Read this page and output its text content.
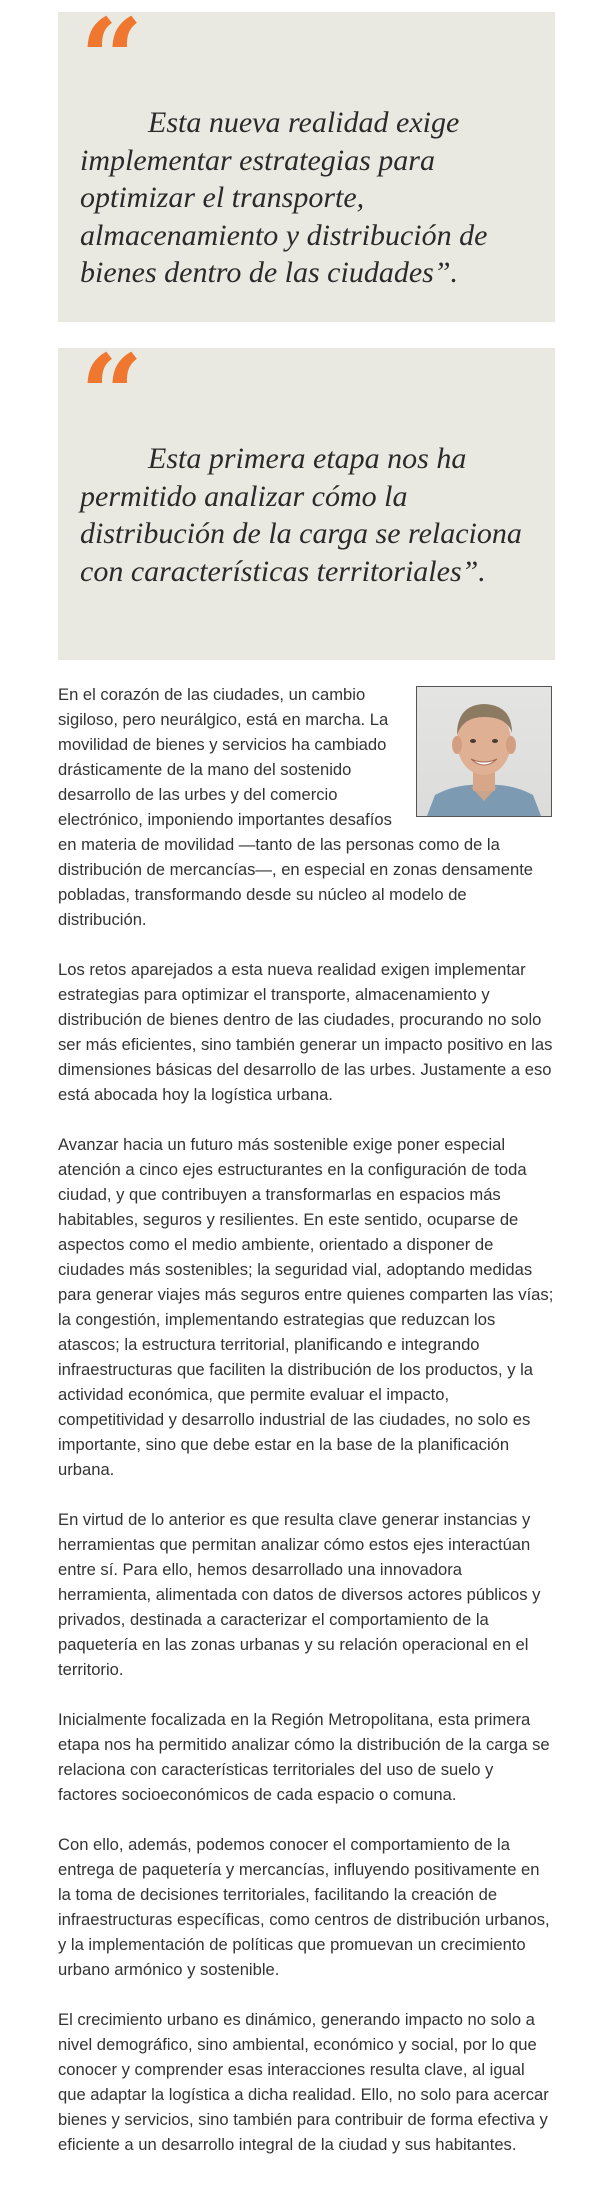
“ Esta nueva realidad exige implementar estrategias para optimizar el transporte, almacenamiento y distribución de bienes dentro de las ciudades”.

“ Esta primera etapa nos ha permitido analizar cómo la distribución de la carga se relaciona con características territoriales”.

En el corazón de las ciudades, un cambio sigiloso, pero neurálgico, está en marcha. La movilidad de bienes y servicios ha cambiado drásticamente de la mano del sostenido desarrollo de las urbes y del comercio electrónico, imponiendo importantes desafíos en materia de movilidad —tanto de las personas como de la distribución de mercancías—, en especial en zonas densamente pobladas, transformando desde su núcleo al modelo de distribución.

Los retos aparejados a esta nueva realidad exigen implementar estrategias para optimizar el transporte, almacenamiento y distribución de bienes dentro de las ciudades, procurando no solo ser más eficientes, sino también generar un impacto positivo en las dimensiones básicas del desarrollo de las urbes. Justamente a eso está abocada hoy la logística urbana.

Avanzar hacia un futuro más sostenible exige poner especial atención a cinco ejes estructurantes en la configuración de toda ciudad, y que contribuyen a transformarlas en espacios más habitables, seguros y resilientes. En este sentido, ocuparse de aspectos como el medio ambiente, orientado a disponer de ciudades más sostenibles; la seguridad vial, adoptando medidas para generar viajes más seguros entre quienes comparten las vías; la congestión, implementando estrategias que reduzcan los atascos; la estructura territorial, planificando e integrando infraestructuras que faciliten la distribución de los productos, y la actividad económica, que permite evaluar el impacto, competitividad y desarrollo industrial de las ciudades, no solo es importante, sino que debe estar en la base de la planificación urbana.

En virtud de lo anterior es que resulta clave generar instancias y herramientas que permitan analizar cómo estos ejes interactúan entre sí. Para ello, hemos desarrollado una innovadora herramienta, alimentada con datos de diversos actores públicos y privados, destinada a caracterizar el comportamiento de la paquetería en las zonas urbanas y su relación operacional en el territorio.

Inicialmente focalizada en la Región Metropolitana, esta primera etapa nos ha permitido analizar cómo la distribución de la carga se relaciona con características territoriales del uso de suelo y factores socioeconómicos de cada espacio o comuna.

Con ello, además, podemos conocer el comportamiento de la entrega de paquetería y mercancías, influyendo positivamente en la toma de decisiones territoriales, facilitando la creación de infraestructuras específicas, como centros de distribución urbanos, y la implementación de políticas que promuevan un crecimiento urbano armónico y sostenible.

El crecimiento urbano es dinámico, generando impacto no solo a nivel demográfico, sino ambiental, económico y social, por lo que conocer y comprender esas interacciones resulta clave, al igual que adaptar la logística a dicha realidad. Ello, no solo para acercar bienes y servicios, sino también para contribuir de forma efectiva y eficiente a un desarrollo integral de la ciudad y sus habitantes.
